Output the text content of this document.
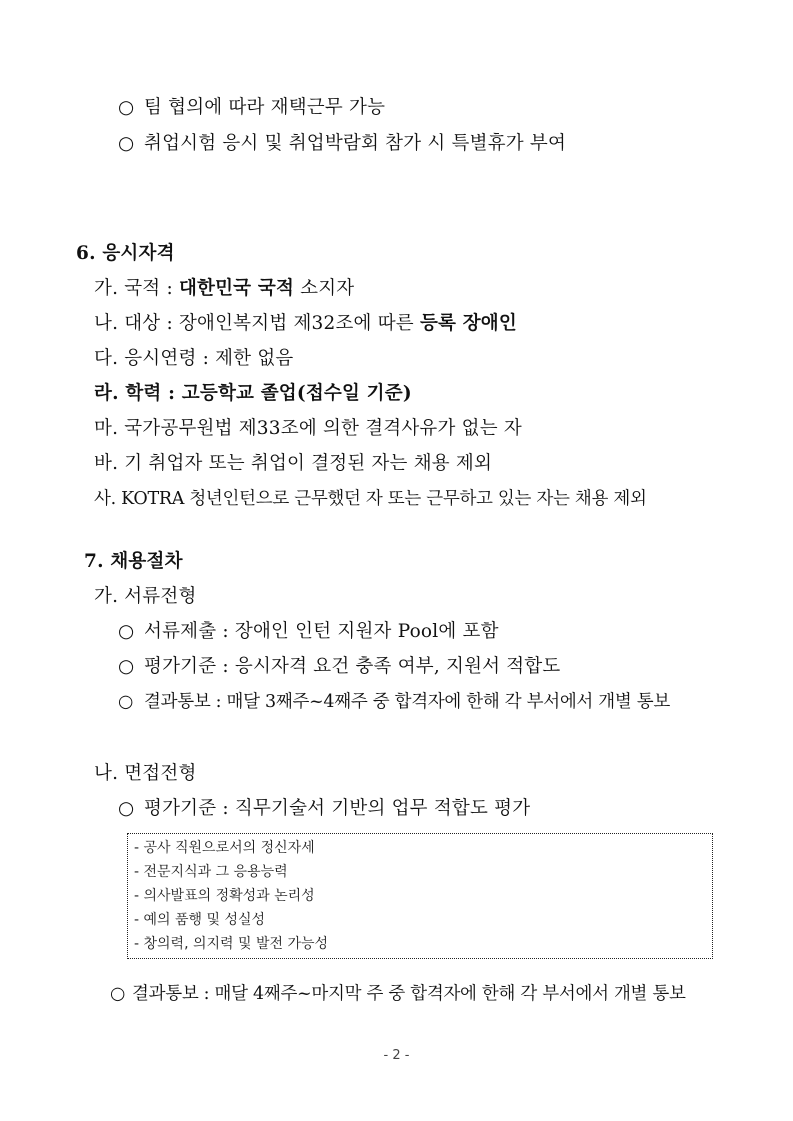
○ 팀 협의에 따라 재택근무 가능
○ 취업시험 응시 및 취업박람회 참가 시 특별휴가 부여
6. 응시자격
가. 국적 : 대한민국 국적 소지자
나. 대상 : 장애인복지법 제32조에 따른 등록 장애인
다. 응시연령 : 제한 없음
라. 학력 : 고등학교 졸업(접수일 기준)
마. 국가공무원법 제33조에 의한 결격사유가 없는 자
바. 기 취업자 또는 취업이 결정된 자는 채용 제외
사. KOTRA 청년인턴으로 근무했던 자 또는 근무하고 있는 자는 채용 제외
7. 채용절차
가. 서류전형
○ 서류제출 : 장애인 인턴 지원자 Pool에 포함
○ 평가기준 : 응시자격 요건 충족 여부, 지원서 적합도
○ 결과통보 : 매달 3째주~4째주 중 합격자에 한해 각 부서에서 개별 통보
나. 면접전형
○ 평가기준 : 직무기술서 기반의 업무 적합도 평가
- 공사 직원으로서의 정신자세
- 전문지식과 그 응용능력
- 의사발표의 정확성과 논리성
- 예의 품행 및 성실성
- 창의력, 의지력 및 발전 가능성
○ 결과통보 : 매달 4째주~마지막 주 중 합격자에 한해 각 부서에서 개별 통보
- 2 -
